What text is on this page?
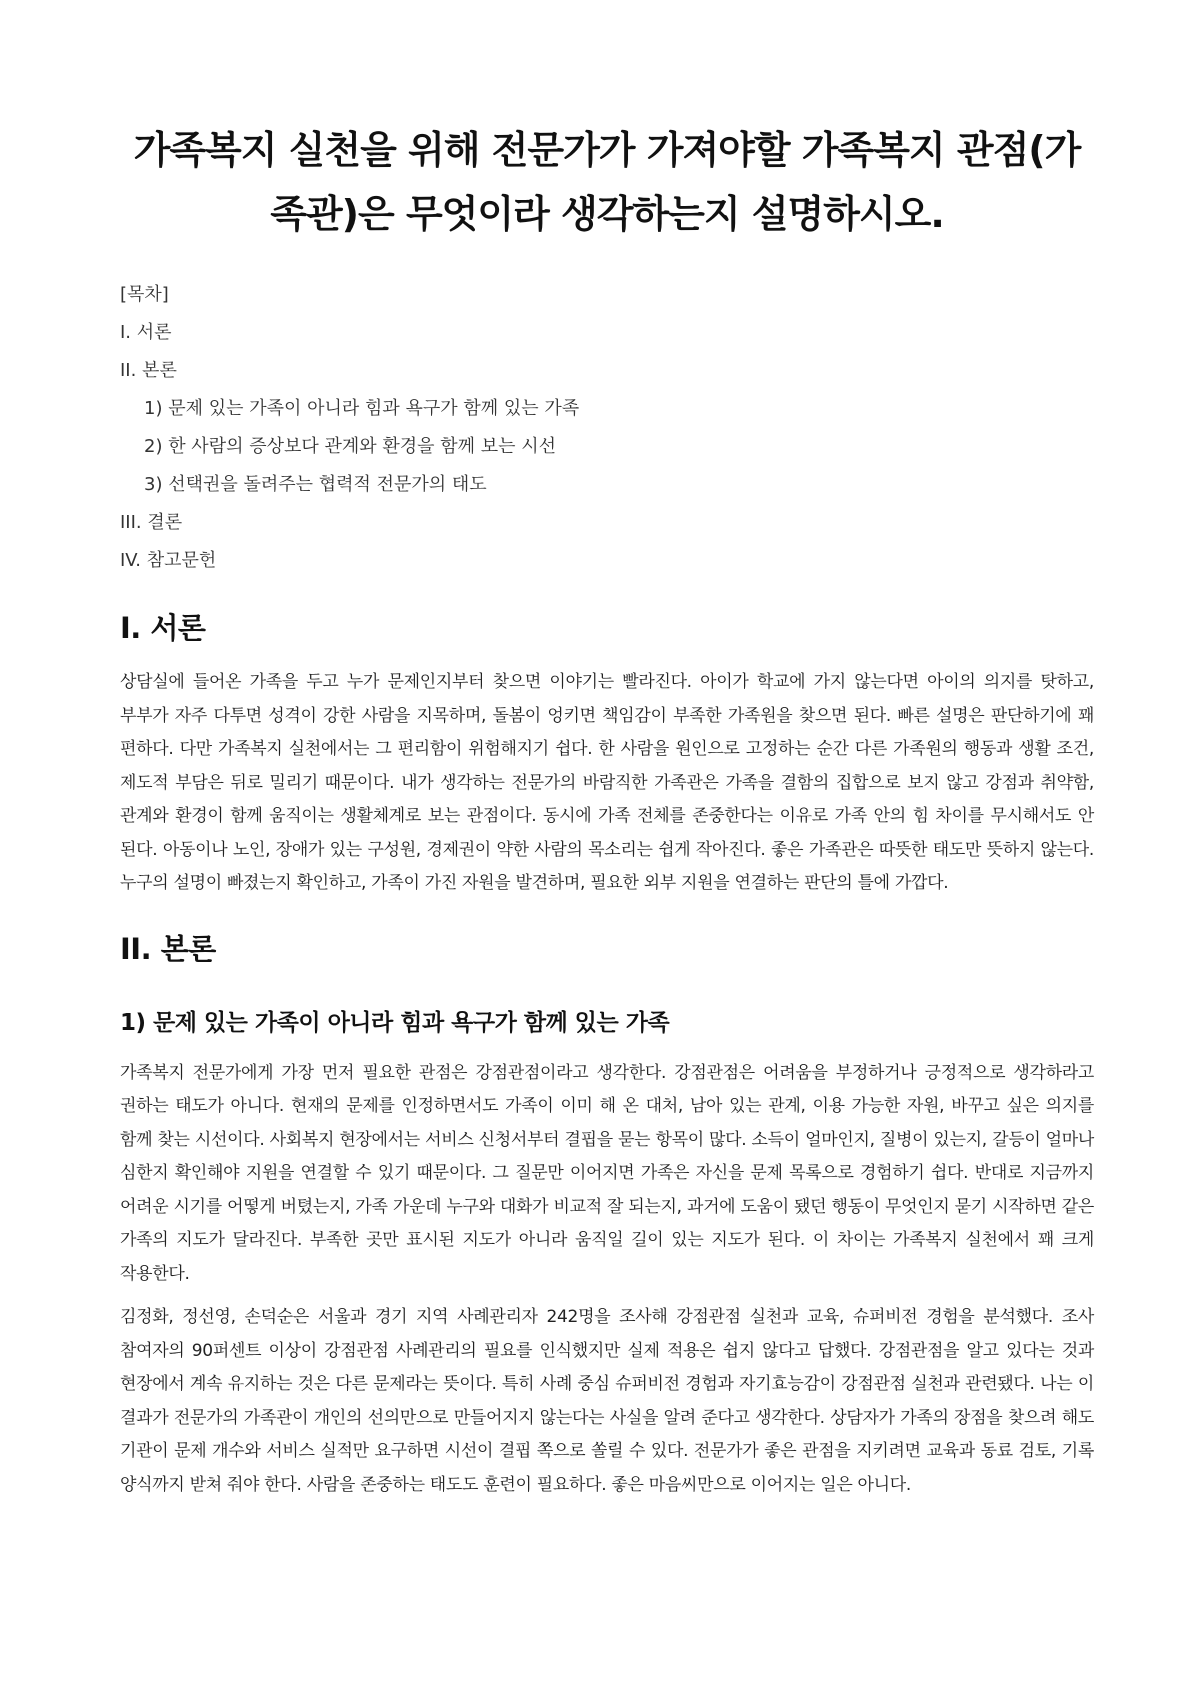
가족복지 실천을 위해 전문가가 가져야할 가족복지 관점(가족관)은 무엇이라 생각하는지 설명하시오.
[목차]
I. 서론
II. 본론
1) 문제 있는 가족이 아니라 힘과 욕구가 함께 있는 가족
2) 한 사람의 증상보다 관계와 환경을 함께 보는 시선
3) 선택권을 돌려주는 협력적 전문가의 태도
III. 결론
IV. 참고문헌
I. 서론

상담실에 들어온 가족을 두고 누가 문제인지부터 찾으면 이야기는 빨라진다. 아이가 학교에 가지 않는다면 아이의 의지를 탓하고, 부부가 자주 다투면 성격이 강한 사람을 지목하며, 돌봄이 엉키면 책임감이 부족한 가족원을 찾으면 된다. 빠른 설명은 판단하기에 꽤 편하다. 다만 가족복지 실천에서는 그 편리함이 위험해지기 쉽다. 한 사람을 원인으로 고정하는 순간 다른 가족원의 행동과 생활 조건, 제도적 부담은 뒤로 밀리기 때문이다. 내가 생각하는 전문가의 바람직한 가족관은 가족을 결함의 집합으로 보지 않고 강점과 취약함, 관계와 환경이 함께 움직이는 생활체계로 보는 관점이다. 동시에 가족 전체를 존중한다는 이유로 가족 안의 힘 차이를 무시해서도 안 된다. 아동이나 노인, 장애가 있는 구성원, 경제권이 약한 사람의 목소리는 쉽게 작아진다. 좋은 가족관은 따뜻한 태도만 뜻하지 않는다. 누구의 설명이 빠졌는지 확인하고, 가족이 가진 자원을 발견하며, 필요한 외부 지원을 연결하는 판단의 틀에 가깝다.

II. 본론
1) 문제 있는 가족이 아니라 힘과 욕구가 함께 있는 가족

가족복지 전문가에게 가장 먼저 필요한 관점은 강점관점이라고 생각한다. 강점관점은 어려움을 부정하거나 긍정적으로 생각하라고 권하는 태도가 아니다. 현재의 문제를 인정하면서도 가족이 이미 해 온 대처, 남아 있는 관계, 이용 가능한 자원, 바꾸고 싶은 의지를 함께 찾는 시선이다. 사회복지 현장에서는 서비스 신청서부터 결핍을 묻는 항목이 많다. 소득이 얼마인지, 질병이 있는지, 갈등이 얼마나 심한지 확인해야 지원을 연결할 수 있기 때문이다. 그 질문만 이어지면 가족은 자신을 문제 목록으로 경험하기 쉽다. 반대로 지금까지 어려운 시기를 어떻게 버텼는지, 가족 가운데 누구와 대화가 비교적 잘 되는지, 과거에 도움이 됐던 행동이 무엇인지 묻기 시작하면 같은 가족의 지도가 달라진다. 부족한 곳만 표시된 지도가 아니라 움직일 길이 있는 지도가 된다. 이 차이는 가족복지 실천에서 꽤 크게 작용한다.

김정화, 정선영, 손덕순은 서울과 경기 지역 사례관리자 242명을 조사해 강점관점 실천과 교육, 슈퍼비전 경험을 분석했다. 조사 참여자의 90퍼센트 이상이 강점관점 사례관리의 필요를 인식했지만 실제 적용은 쉽지 않다고 답했다. 강점관점을 알고 있다는 것과 현장에서 계속 유지하는 것은 다른 문제라는 뜻이다. 특히 사례 중심 슈퍼비전 경험과 자기효능감이 강점관점 실천과 관련됐다. 나는 이 결과가 전문가의 가족관이 개인의 선의만으로 만들어지지 않는다는 사실을 알려 준다고 생각한다. 상담자가 가족의 장점을 찾으려 해도 기관이 문제 개수와 서비스 실적만 요구하면 시선이 결핍 쪽으로 쏠릴 수 있다. 전문가가 좋은 관점을 지키려면 교육과 동료 검토, 기록 양식까지 받쳐 줘야 한다. 사람을 존중하는 태도도 훈련이 필요하다. 좋은 마음씨만으로 이어지는 일은 아니다.
